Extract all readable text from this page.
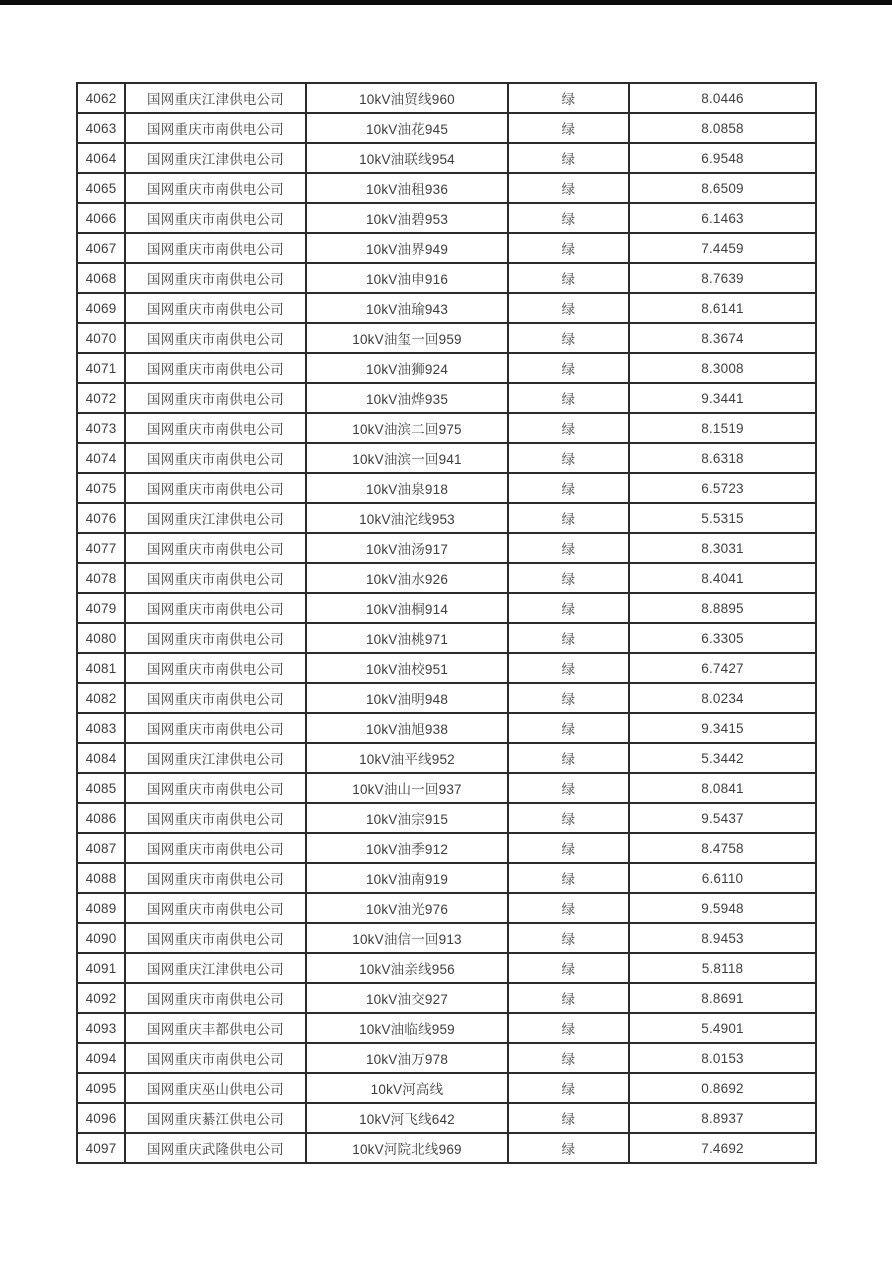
4062	国网重庆江津供电公司	10kV油贸线960	绿	8.0446
4063	国网重庆市南供电公司	10kV油花945	绿	8.0858
4064	国网重庆江津供电公司	10kV油联线954	绿	6.9548
4065	国网重庆市南供电公司	10kV油租936	绿	8.6509
4066	国网重庆市南供电公司	10kV油碧953	绿	6.1463
4067	国网重庆市南供电公司	10kV油界949	绿	7.4459
4068	国网重庆市南供电公司	10kV油申916	绿	8.7639
4069	国网重庆市南供电公司	10kV油瑜943	绿	8.6141
4070	国网重庆市南供电公司	10kV油玺一回959	绿	8.3674
4071	国网重庆市南供电公司	10kV油狮924	绿	8.3008
4072	国网重庆市南供电公司	10kV油烨935	绿	9.3441
4073	国网重庆市南供电公司	10kV油滨二回975	绿	8.1519
4074	国网重庆市南供电公司	10kV油滨一回941	绿	8.6318
4075	国网重庆市南供电公司	10kV油泉918	绿	6.5723
4076	国网重庆江津供电公司	10kV油沱线953	绿	5.5315
4077	国网重庆市南供电公司	10kV油汤917	绿	8.3031
4078	国网重庆市南供电公司	10kV油水926	绿	8.4041
4079	国网重庆市南供电公司	10kV油桐914	绿	8.8895
4080	国网重庆市南供电公司	10kV油桃971	绿	6.3305
4081	国网重庆市南供电公司	10kV油校951	绿	6.7427
4082	国网重庆市南供电公司	10kV油明948	绿	8.0234
4083	国网重庆市南供电公司	10kV油旭938	绿	9.3415
4084	国网重庆江津供电公司	10kV油平线952	绿	5.3442
4085	国网重庆市南供电公司	10kV油山一回937	绿	8.0841
4086	国网重庆市南供电公司	10kV油宗915	绿	9.5437
4087	国网重庆市南供电公司	10kV油季912	绿	8.4758
4088	国网重庆市南供电公司	10kV油南919	绿	6.6110
4089	国网重庆市南供电公司	10kV油光976	绿	9.5948
4090	国网重庆市南供电公司	10kV油信一回913	绿	8.9453
4091	国网重庆江津供电公司	10kV油亲线956	绿	5.8118
4092	国网重庆市南供电公司	10kV油交927	绿	8.8691
4093	国网重庆丰都供电公司	10kV油临线959	绿	5.4901
4094	国网重庆市南供电公司	10kV油万978	绿	8.0153
4095	国网重庆巫山供电公司	10kV河高线	绿	0.8692
4096	国网重庆綦江供电公司	10kV河飞线642	绿	8.8937
4097	国网重庆武隆供电公司	10kV河院北线969	绿	7.4692
